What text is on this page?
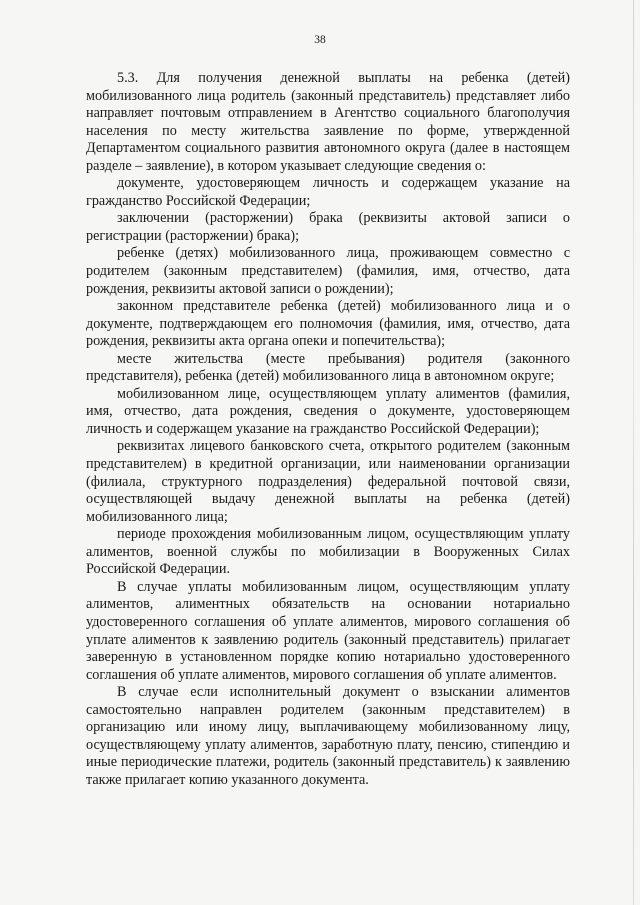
38

5.3. Для получения денежной выплаты на ребенка (детей) мобилизованного лица родитель (законный представитель) представляет либо направляет почтовым отправлением в Агентство социального благополучия населения по месту жительства заявление по форме, утвержденной Департаментом социального развития автономного округа (далее в настоящем разделе – заявление), в котором указывает следующие сведения о:

документе, удостоверяющем личность и содержащем указание на гражданство Российской Федерации;

заключении (расторжении) брака (реквизиты актовой записи о регистрации (расторжении) брака);

ребенке (детях) мобилизованного лица, проживающем совместно с родителем (законным представителем) (фамилия, имя, отчество, дата рождения, реквизиты актовой записи о рождении);

законном представителе ребенка (детей) мобилизованного лица и о документе, подтверждающем его полномочия (фамилия, имя, отчество, дата рождения, реквизиты акта органа опеки и попечительства);

месте жительства (месте пребывания) родителя (законного представителя), ребенка (детей) мобилизованного лица в автономном округе;

мобилизованном лице, осуществляющем уплату алиментов (фамилия, имя, отчество, дата рождения, сведения о документе, удостоверяющем личность и содержащем указание на гражданство Российской Федерации);

реквизитах лицевого банковского счета, открытого родителем (законным представителем) в кредитной организации, или наименовании организации (филиала, структурного подразделения) федеральной почтовой связи, осуществляющей выдачу денежной выплаты на ребенка (детей) мобилизованного лица;

периоде прохождения мобилизованным лицом, осуществляющим уплату алиментов, военной службы по мобилизации в Вооруженных Силах Российской Федерации.

В случае уплаты мобилизованным лицом, осуществляющим уплату алиментов, алиментных обязательств на основании нотариально удостоверенного соглашения об уплате алиментов, мирового соглашения об уплате алиментов к заявлению родитель (законный представитель) прилагает заверенную в установленном порядке копию нотариально удостоверенного соглашения об уплате алиментов, мирового соглашения об уплате алиментов.

В случае если исполнительный документ о взыскании алиментов самостоятельно направлен родителем (законным представителем) в организацию или иному лицу, выплачивающему мобилизованному лицу, осуществляющему уплату алиментов, заработную плату, пенсию, стипендию и иные периодические платежи, родитель (законный представитель) к заявлению также прилагает копию указанного документа.
